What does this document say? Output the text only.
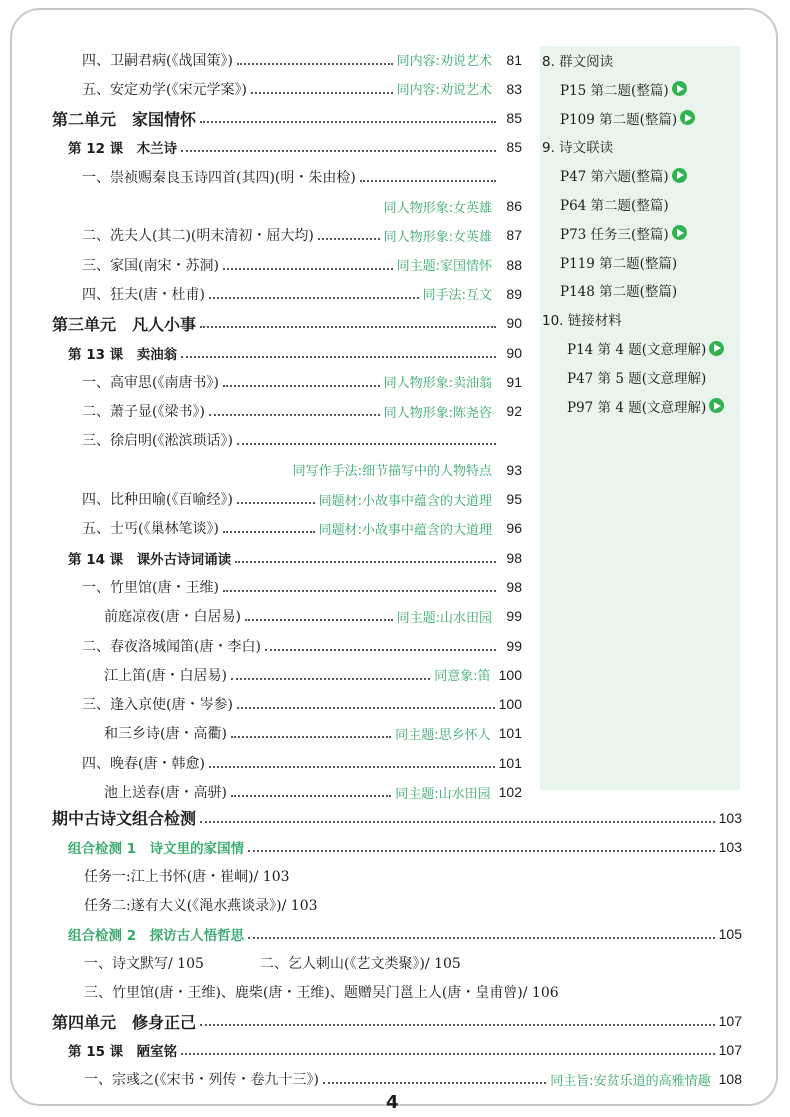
8. 群文阅读
P15 第二题(整篇)
P109 第二题(整篇)
9. 诗文联读
P47 第六题(整篇)
P64 第二题(整篇)
P73 任务三(整篇)
P119 第二题(整篇)
P148 第二题(整篇)
10. 链接材料
P14 第 4 题(文意理解)
P47 第 5 题(文意理解)
P97 第 4 题(文意理解)
四、卫嗣君病(《战国策》)	同内容:劝说艺术	81
五、安定劝学(《宋元学案》)	同内容:劝说艺术	83
第二单元　家国情怀	85
第 12 课　木兰诗	85
一、崇祯赐秦良玉诗四首(其四)(明・朱由检)
同人物形象:女英雄	86
二、冼夫人(其二)(明末清初・屈大均)	同人物形象:女英雄	87
三、家国(南宋・苏洞)	同主题:家国情怀	88
四、狂夫(唐・杜甫)	同手法:互文	89
第三单元　凡人小事	90
第 13 课　卖油翁	90
一、高审思(《南唐书》)	同人物形象:卖油翁	91
二、萧子显(《梁书》)	同人物形象:陈尧咨	92
三、徐启明(《淞滨琐话》)
同写作手法:细节描写中的人物特点	93
四、比种田喻(《百喻经》)	同题材:小故事中蕴含的大道理	95
五、士丐(《巢林笔谈》)	同题材:小故事中蕴含的大道理	96
第 14 课　课外古诗词诵读	98
一、竹里馆(唐・王维)	98
前庭凉夜(唐・白居易)	同主题:山水田园	99
二、春夜洛城闻笛(唐・李白)	99
江上笛(唐・白居易)	同意象:笛 100
三、逢入京使(唐・岑参)	100
和三乡诗(唐・高衢)	同主题:思乡怀人 101
四、晚春(唐・韩愈)	101
池上送春(唐・高骈)	同主题:山水田园 102
期中古诗文组合检测	103
组合检测 1　诗文里的家国情	103
任务一:江上书怀(唐・崔峒)/ 103
任务二:遂有大义(《渑水燕谈录》)/ 103
组合检测 2　探访古人悟哲思	105
一、诗文默写/ 105	二、乞人刺山(《艺文类聚》)/ 105
三、竹里馆(唐・王维)、鹿柴(唐・王维)、题赠吴门邕上人(唐・皇甫曾)/ 106
第四单元　修身正己	107
第 15 课　陋室铭	107
一、宗彧之(《宋书・列传・卷九十三》)	同主旨:安贫乐道的高雅情趣 108
4
